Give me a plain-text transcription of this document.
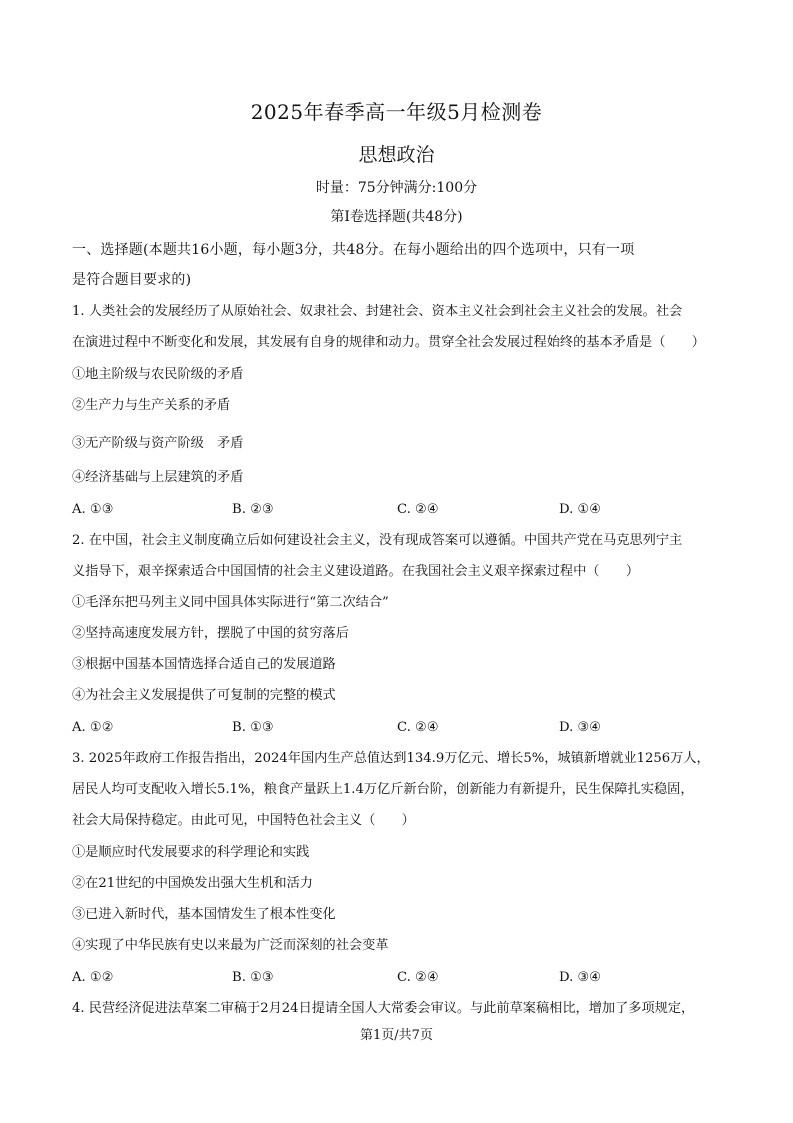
2025年春季高一年级5月检测卷
思想政治
时量：75分钟满分:100分
第Ⅰ卷选择题(共48分)
一、选择题(本题共16小题，每小题3分，共48分。在每小题给出的四个选项中，只有一项
是符合题目要求的)
1. 人类社会的发展经历了从原始社会、奴隶社会、封建社会、资本主义社会到社会主义社会的发展。社会
在演进过程中不断变化和发展，其发展有自身的规律和动力。贯穿全社会发展过程始终的基本矛盾是（　　）
①地主阶级与农民阶级的矛盾
②生产力与生产关系的矛盾
③无产阶级与资产阶级　矛盾
④经济基础与上层建筑的矛盾
A. ①③	B. ②③	C. ②④	D. ①④
2. 在中国，社会主义制度确立后如何建设社会主义，没有现成答案可以遵循。中国共产党在马克思列宁主
义指导下，艰辛探索适合中国国情的社会主义建设道路。在我国社会主义艰辛探索过程中（　　）
①毛泽东把马列主义同中国具体实际进行“第二次结合”
②坚持高速度发展方针，摆脱了中国的贫穷落后
③根据中国基本国情选择合适自己的发展道路
④为社会主义发展提供了可复制的完整的模式
A. ①②	B. ①③	C. ②④	D. ③④
3. 2025年政府工作报告指出，2024年国内生产总值达到134.9万亿元、增长5%，城镇新增就业1256万人，
居民人均可支配收入增长5.1%，粮食产量跃上1.4万亿斤新台阶，创新能力有新提升，民生保障扎实稳固，
社会大局保持稳定。由此可见，中国特色社会主义（　　）
①是顺应时代发展要求的科学理论和实践
②在21世纪的中国焕发出强大生机和活力
③已进入新时代，基本国情发生了根本性变化
④实现了中华民族有史以来最为广泛而深刻的社会变革
A. ①②	B. ①③	C. ②④	D. ③④
4. 民营经济促进法草案二审稿于2月24日提请全国人大常委会审议。与此前草案稿相比，增加了多项规定，
第1页/共7页
